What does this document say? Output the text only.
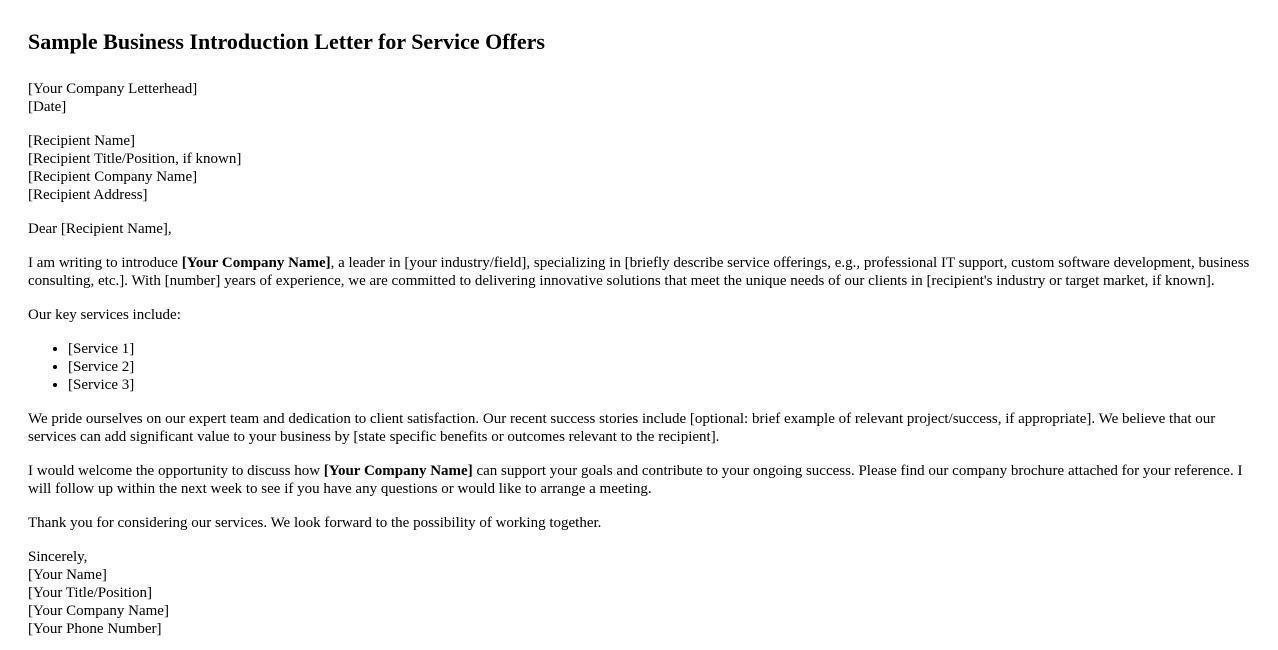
Sample Business Introduction Letter for Service Offers
[Your Company Letterhead]
[Date]
[Recipient Name]
[Recipient Title/Position, if known]
[Recipient Company Name]
[Recipient Address]

Dear [Recipient Name],

I am writing to introduce [Your Company Name], a leader in [your industry/field], specializing in [briefly describe service offerings, e.g., professional IT support, custom software development, business consulting, etc.]. With [number] years of experience, we are committed to delivering innovative solutions that meet the unique needs of our clients in [recipient's industry or target market, if known].

Our key services include:

• [Service 1]
• [Service 2]
• [Service 3]

We pride ourselves on our expert team and dedication to client satisfaction. Our recent success stories include [optional: brief example of relevant project/success, if appropriate]. We believe that our services can add significant value to your business by [state specific benefits or outcomes relevant to the recipient].

I would welcome the opportunity to discuss how [Your Company Name] can support your goals and contribute to your ongoing success. Please find our company brochure attached for your reference. I will follow up within the next week to see if you have any questions or would like to arrange a meeting.

Thank you for considering our services. We look forward to the possibility of working together.

Sincerely,
[Your Name]
[Your Title/Position]
[Your Company Name]
[Your Phone Number]
